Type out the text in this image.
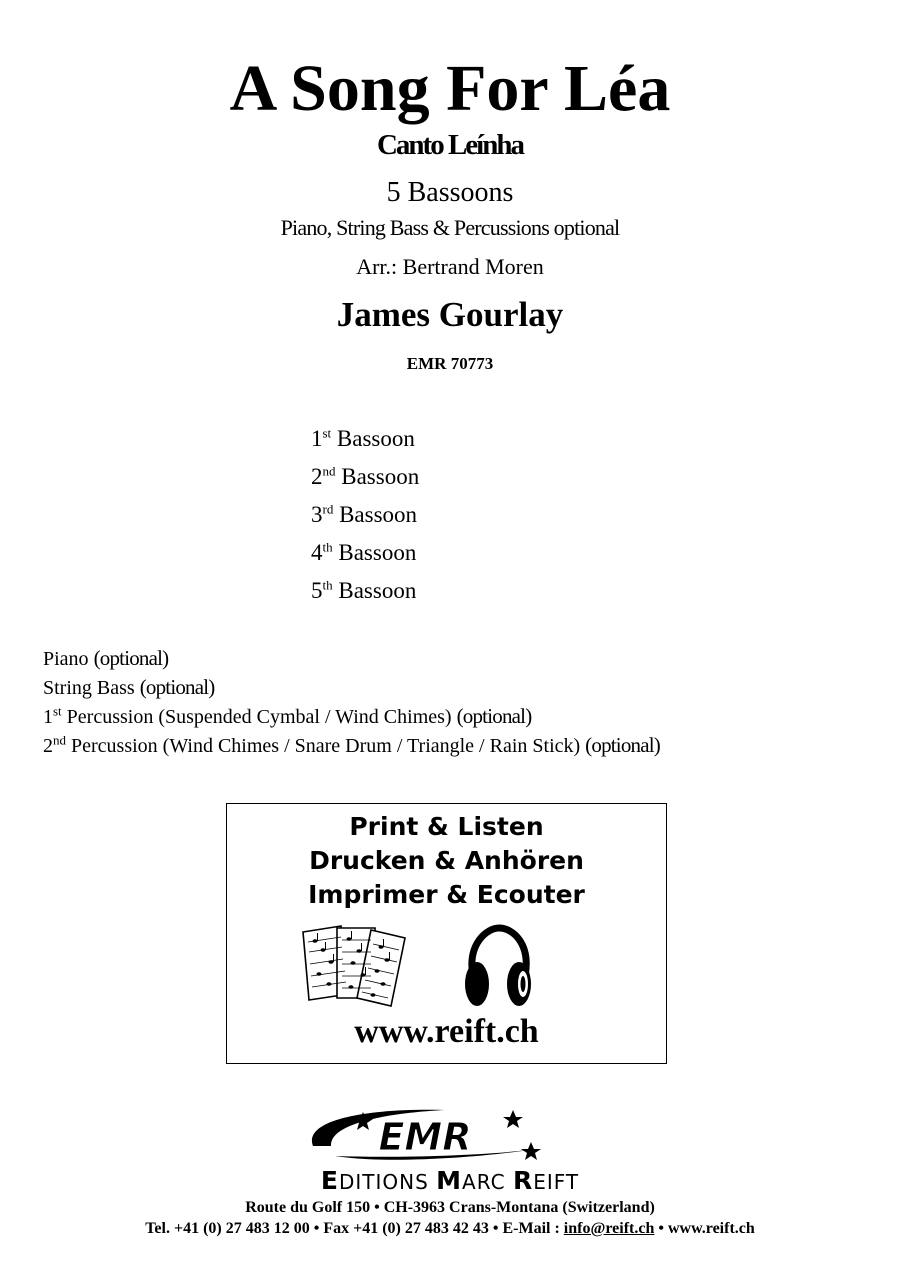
A Song For Léa
Canto Leínha
5 Bassoons
Piano, String Bass & Percussions optional
Arr.: Bertrand Moren
James Gourlay
EMR 70773
1st Bassoon
2nd Bassoon
3rd Bassoon
4th Bassoon
5th Bassoon
Piano (optional)
String Bass (optional)
1st Percussion (Suspended Cymbal / Wind Chimes) (optional)
2nd Percussion (Wind Chimes / Snare Drum / Triangle / Rain Stick) (optional)
Print & Listen
Drucken & Anhören
Imprimer & Ecouter
www.reift.ch
EMR
EDITIONS MARC REIFT
Route du Golf 150 • CH-3963 Crans-Montana (Switzerland)
Tel. +41 (0) 27 483 12 00 • Fax +41 (0) 27 483 42 43 • E-Mail : info@reift.ch • www.reift.ch
